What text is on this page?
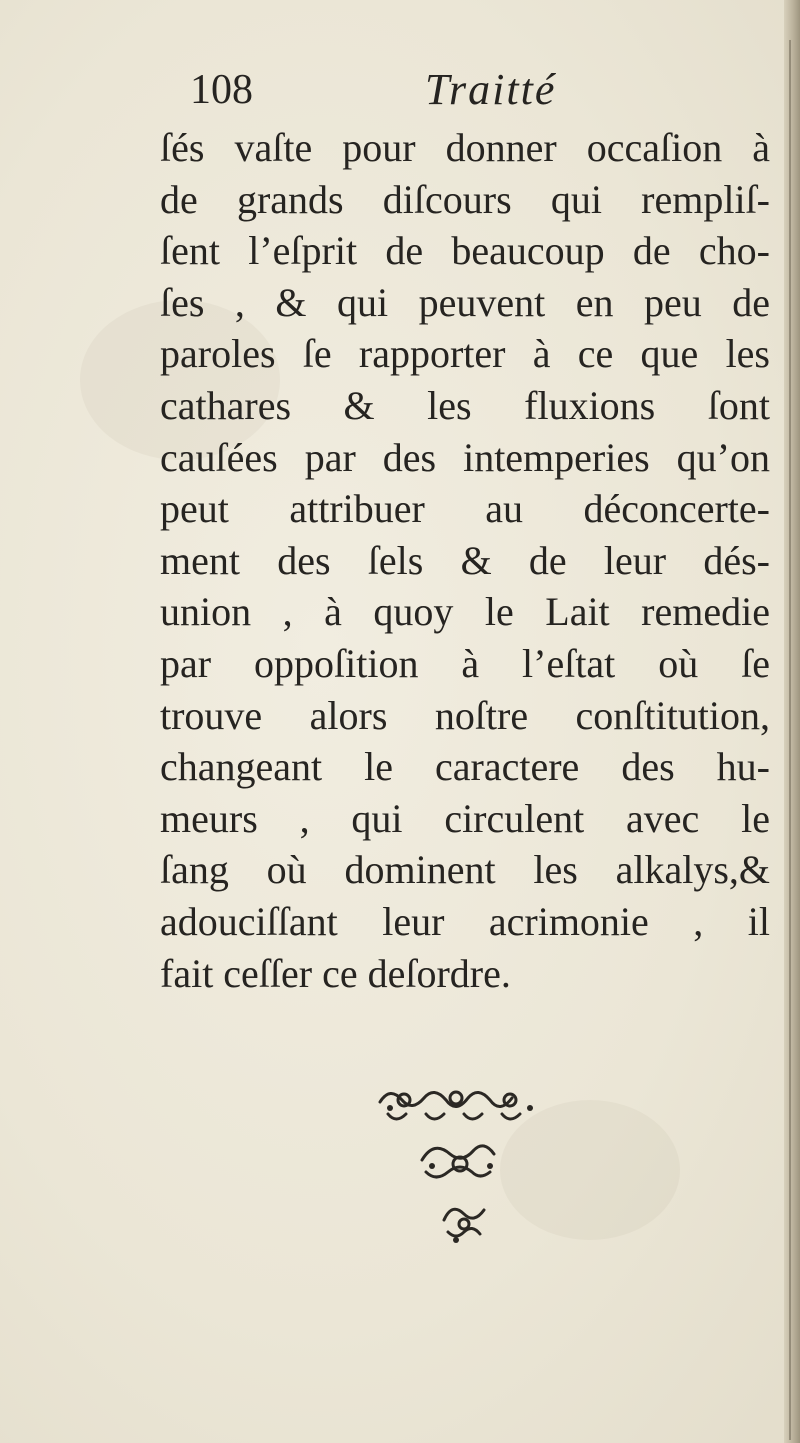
108	Traitté
ſés vaſte pour donner occaſion à
de grands diſcours qui rempliſ-
ſent l’eſprit de beaucoup de cho-
ſes , & qui peuvent en peu de
paroles ſe rapporter à ce que les
cathares & les fluxions ſont
cauſées par des intemperies qu’on
peut attribuer au déconcerte-
ment des ſels & de leur dés-
union , à quoy le Lait remedie
par oppoſition à l’eſtat où ſe
trouve alors noſtre conſtitution,
changeant le caractere des hu-
meurs , qui circulent avec le
ſang où dominent les alkalys,&
adouciſſant leur acrimonie , il
fait ceſſer ce deſordre.
